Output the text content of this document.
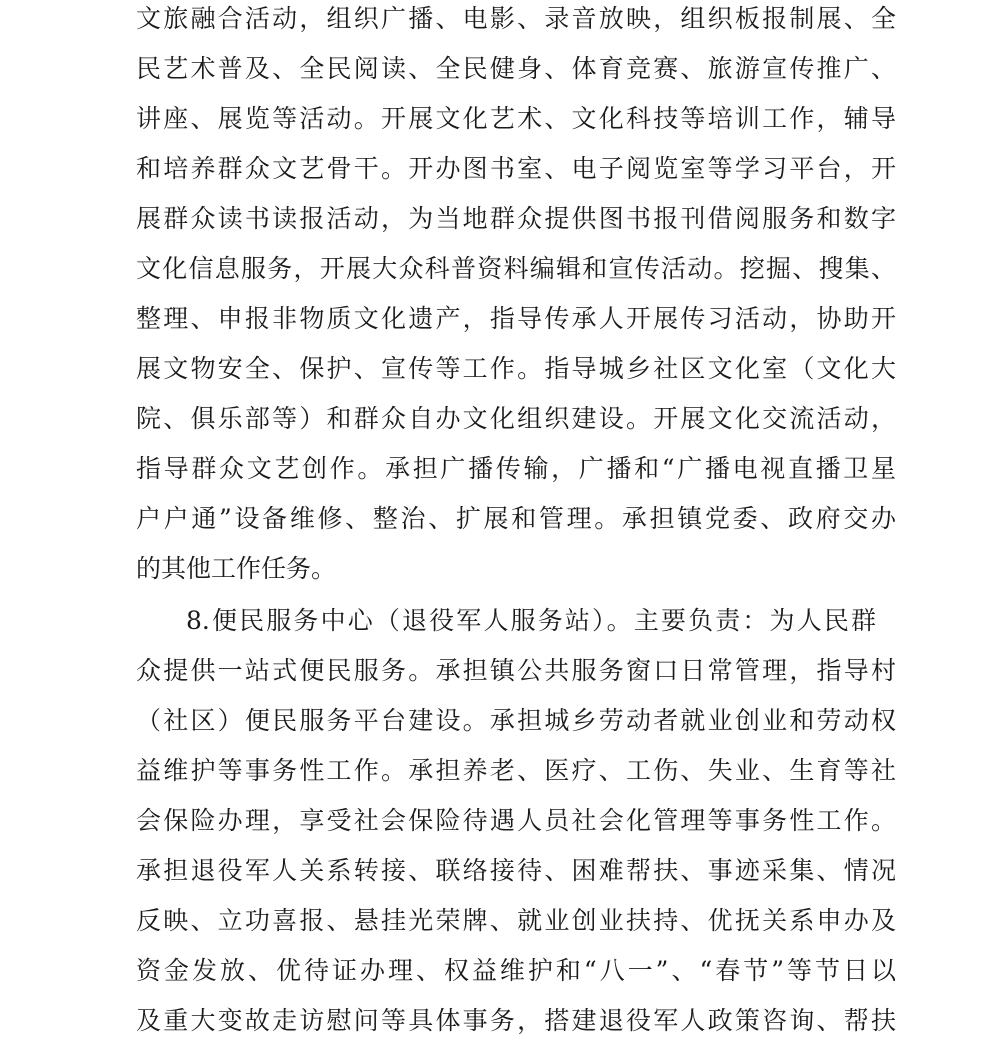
文旅融合活动，组织广播、电影、录音放映，组织板报制展、全
民艺术普及、全民阅读、全民健身、体育竞赛、旅游宣传推广、
讲座、展览等活动。开展文化艺术、文化科技等培训工作，辅导
和培养群众文艺骨干。开办图书室、电子阅览室等学习平台，开
展群众读书读报活动，为当地群众提供图书报刊借阅服务和数字
文化信息服务，开展大众科普资料编辑和宣传活动。挖掘、搜集、
整理、申报非物质文化遗产，指导传承人开展传习活动，协助开
展文物安全、保护、宣传等工作。指导城乡社区文化室（文化大
院、俱乐部等）和群众自办文化组织建设。开展文化交流活动，
指导群众文艺创作。承担广播传输，广播和“广播电视直播卫星
户户通”设备维修、整治、扩展和管理。承担镇党委、政府交办
的其他工作任务。
8.便民服务中心（退役军人服务站）。主要负责：为人民群
众提供一站式便民服务。承担镇公共服务窗口日常管理，指导村
（社区）便民服务平台建设。承担城乡劳动者就业创业和劳动权
益维护等事务性工作。承担养老、医疗、工伤、失业、生育等社
会保险办理，享受社会保险待遇人员社会化管理等事务性工作。
承担退役军人关系转接、联络接待、困难帮扶、事迹采集、情况
反映、立功喜报、悬挂光荣牌、就业创业扶持、优抚关系申办及
资金发放、优待证办理、权益维护和“八一”、“春节”等节日以
及重大变故走访慰问等具体事务，搭建退役军人政策咨询、帮扶
